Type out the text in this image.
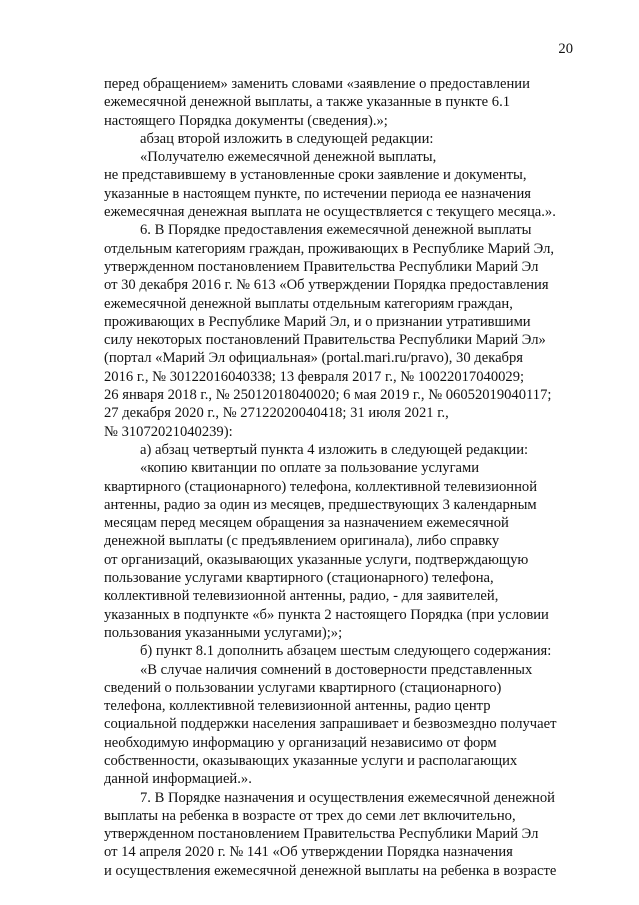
20

перед обращением» заменить словами «заявление о предоставлении
ежемесячной денежной выплаты, а также указанные в пункте 6.1
настоящего Порядка документы (сведения).»;

абзац второй изложить в следующей редакции:

«Получателю ежемесячной денежной выплаты,
не представившему в установленные сроки заявление и документы,
указанные в настоящем пункте, по истечении периода ее назначения
ежемесячная денежная выплата не осуществляется с текущего месяца.».

6. В Порядке предоставления ежемесячной денежной выплаты
отдельным категориям граждан, проживающих в Республике Марий Эл,
утвержденном постановлением Правительства Республики Марий Эл
от 30 декабря 2016 г. № 613 «Об утверждении Порядка предоставления
ежемесячной денежной выплаты отдельным категориям граждан,
проживающих в Республике Марий Эл, и о признании утратившими
силу некоторых постановлений Правительства Республики Марий Эл»
(портал «Марий Эл официальная» (portal.mari.ru/pravo), 30 декабря
2016 г., № 30122016040338; 13 февраля 2017 г., № 10022017040029;
26 января 2018 г., № 25012018040020; 6 мая 2019 г., № 06052019040117;
27 декабря 2020 г., № 27122020040418; 31 июля 2021 г.,
№ 31072021040239):

а) абзац четвертый пункта 4 изложить в следующей редакции:

«копию квитанции по оплате за пользование услугами
квартирного (стационарного) телефона, коллективной телевизионной
антенны, радио за один из месяцев, предшествующих 3 календарным
месяцам перед месяцем обращения за назначением ежемесячной
денежной выплаты (с предъявлением оригинала), либо справку
от организаций, оказывающих указанные услуги, подтверждающую
пользование услугами квартирного (стационарного) телефона,
коллективной телевизионной антенны, радио, - для заявителей,
указанных в подпункте «б» пункта 2 настоящего Порядка (при условии
пользования указанными услугами);»;

б) пункт 8.1 дополнить абзацем шестым следующего содержания:

«В случае наличия сомнений в достоверности представленных
сведений о пользовании услугами квартирного (стационарного)
телефона, коллективной телевизионной антенны, радио центр
социальной поддержки населения запрашивает и безвозмездно получает
необходимую информацию у организаций независимо от форм
собственности, оказывающих указанные услуги и располагающих
данной информацией.».

7. В Порядке назначения и осуществления ежемесячной денежной
выплаты на ребенка в возрасте от трех до семи лет включительно,
утвержденном постановлением Правительства Республики Марий Эл
от 14 апреля 2020 г. № 141 «Об утверждении Порядка назначения
и осуществления ежемесячной денежной выплаты на ребенка в возрасте
